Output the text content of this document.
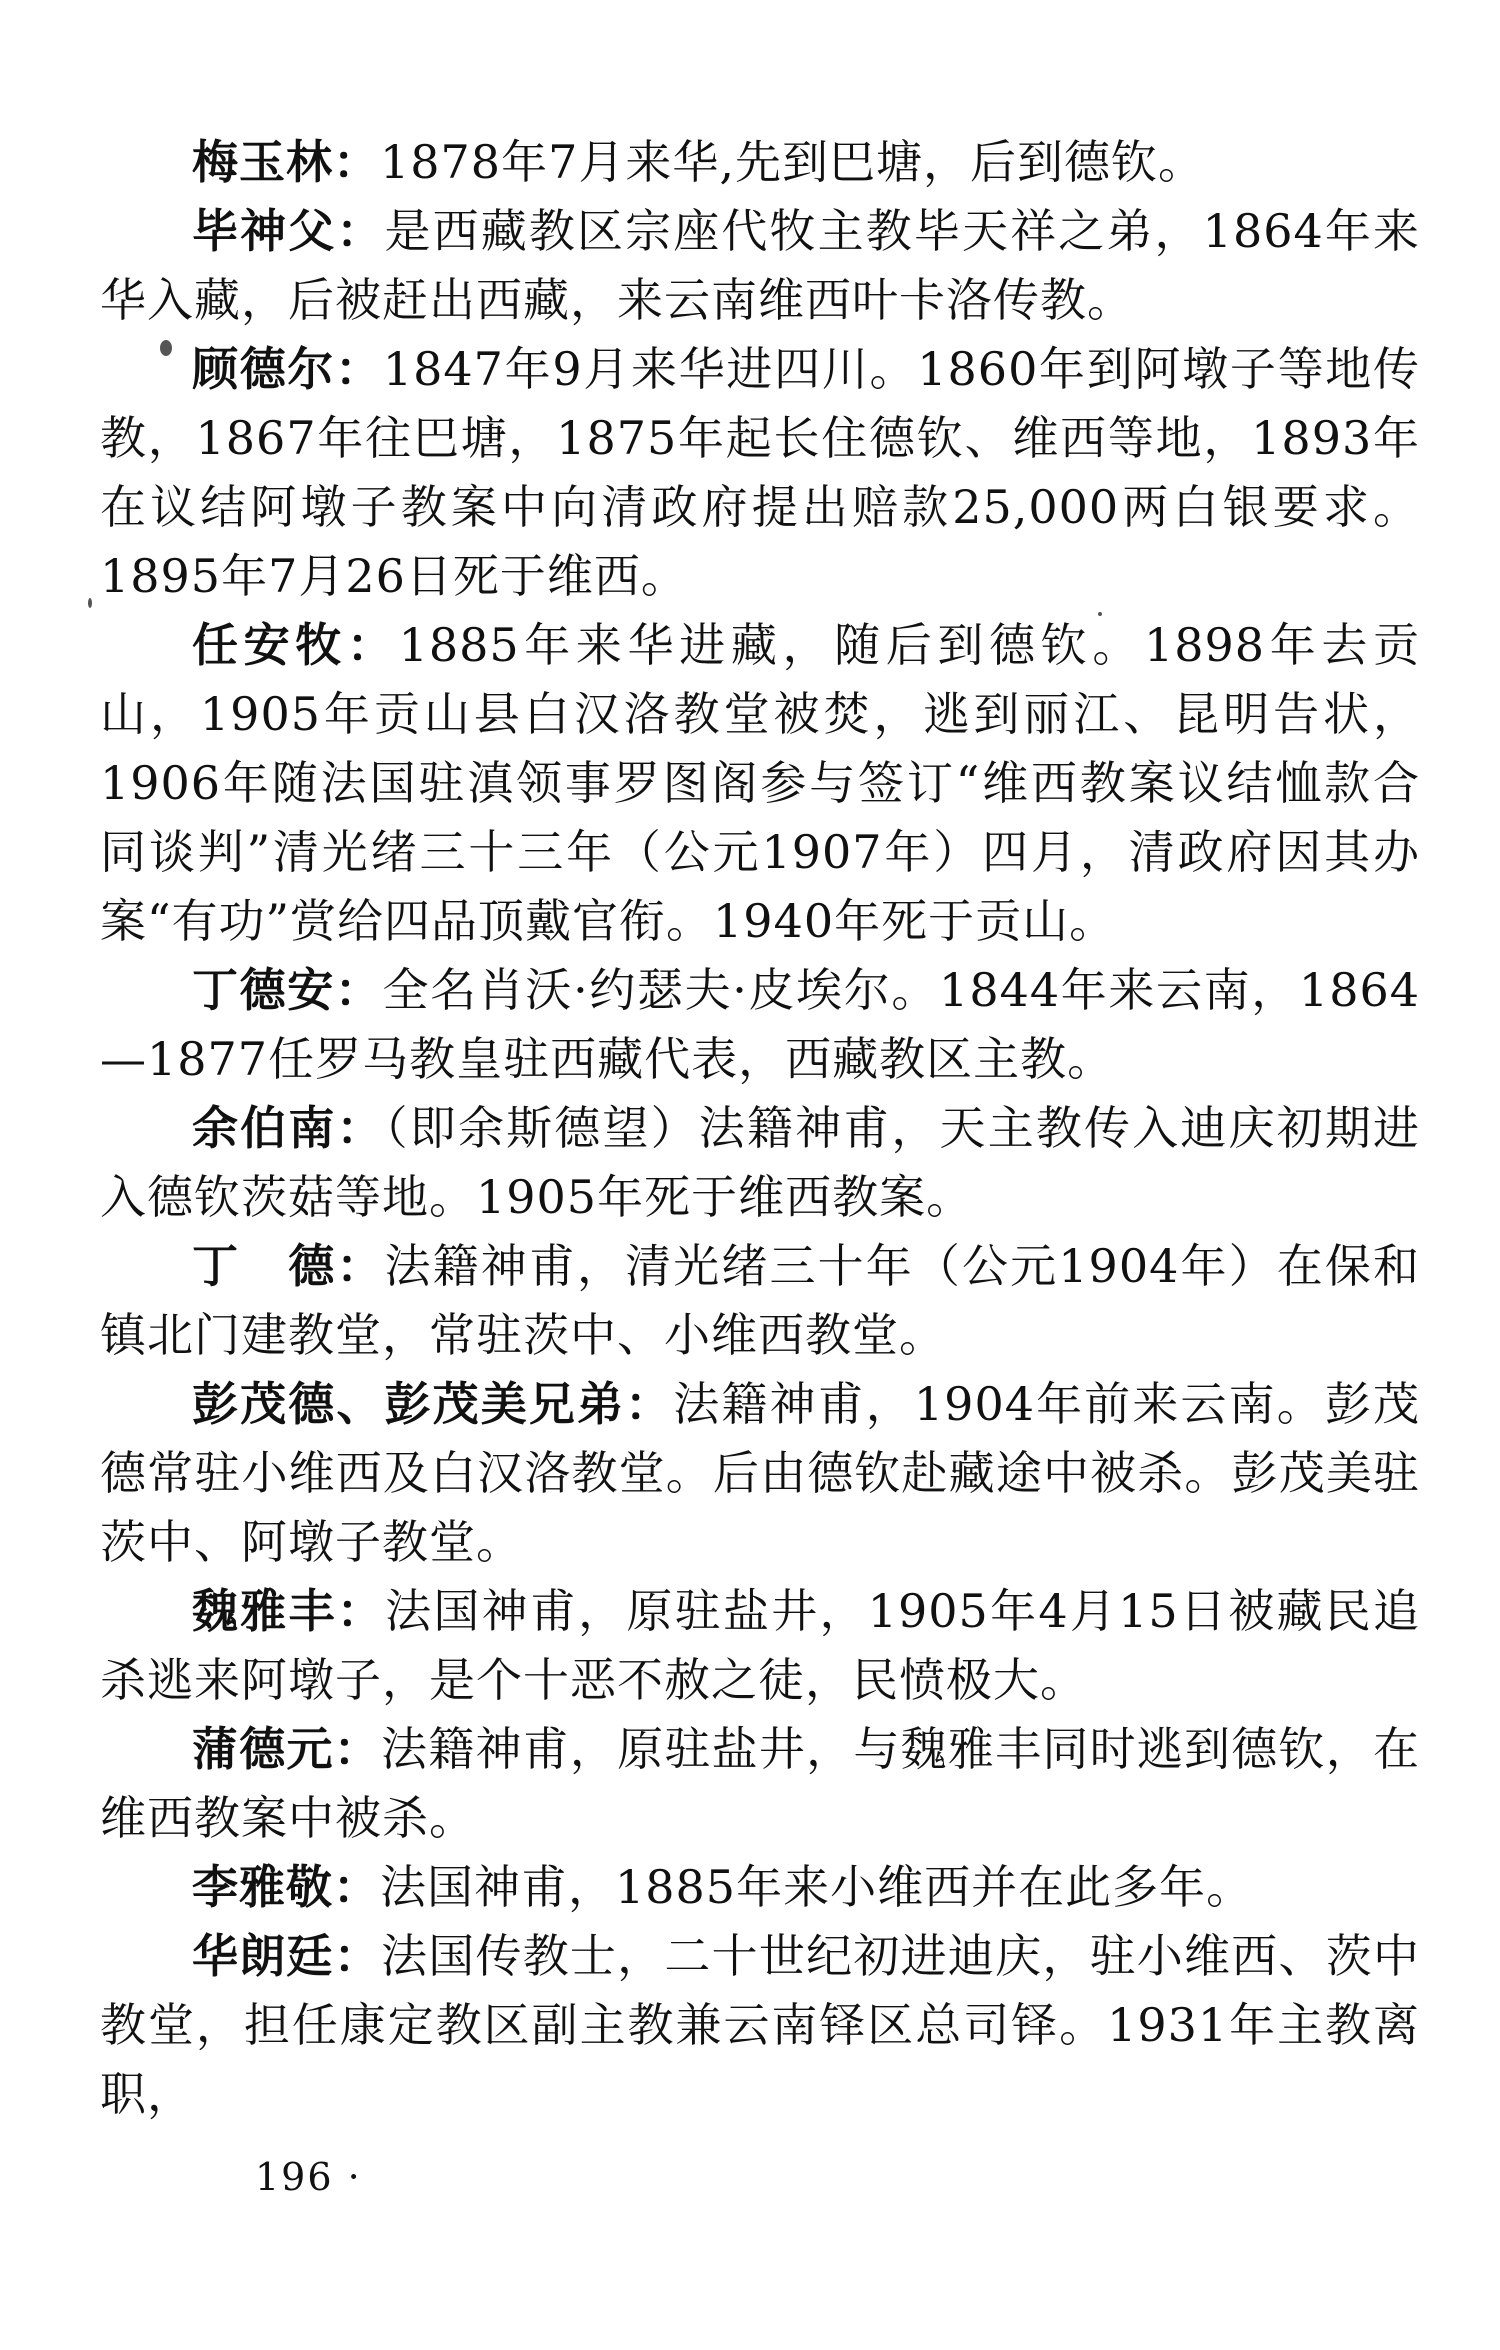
梅玉林：1878年7月来华,先到巴塘，后到德钦。

毕神父：是西藏教区宗座代牧主教毕天祥之弟，1864年来华入藏，后被赶出西藏，来云南维西叶卡洛传教。

顾德尔：1847年9月来华进四川。1860年到阿墩子等地传教，1867年往巴塘，1875年起长住德钦、维西等地，1893年在议结阿墩子教案中向清政府提出赔款25,000两白银要求。1895年7月26日死于维西。

任安牧：1885年来华进藏，随后到德钦。1898年去贡山，1905年贡山县白汉洛教堂被焚，逃到丽江、昆明告状，1906年随法国驻滇领事罗图阁参与签订“维西教案议结恤款合同谈判”清光绪三十三年（公元1907年）四月，清政府因其办案“有功”赏给四品顶戴官衔。1940年死于贡山。

丁德安：全名肖沃·约瑟夫·皮埃尔。1844年来云南，1864—1877任罗马教皇驻西藏代表，西藏教区主教。

余伯南：（即余斯德望）法籍神甫，天主教传入迪庆初期进入德钦茨菇等地。1905年死于维西教案。

丁　德：法籍神甫，清光绪三十年（公元1904年）在保和镇北门建教堂，常驻茨中、小维西教堂。

彭茂德、彭茂美兄弟：法籍神甫，1904年前来云南。彭茂德常驻小维西及白汉洛教堂。后由德钦赴藏途中被杀。彭茂美驻茨中、阿墩子教堂。

魏雅丰：法国神甫，原驻盐井，1905年4月15日被藏民追杀逃来阿墩子，是个十恶不赦之徒，民愤极大。

蒲德元：法籍神甫，原驻盐井，与魏雅丰同时逃到德钦，在维西教案中被杀。

李雅敬：法国神甫，1885年来小维西并在此多年。

华朗廷：法国传教士，二十世纪初进迪庆，驻小维西、茨中教堂，担任康定教区副主教兼云南铎区总司铎。1931年主教离职，

196 ·
